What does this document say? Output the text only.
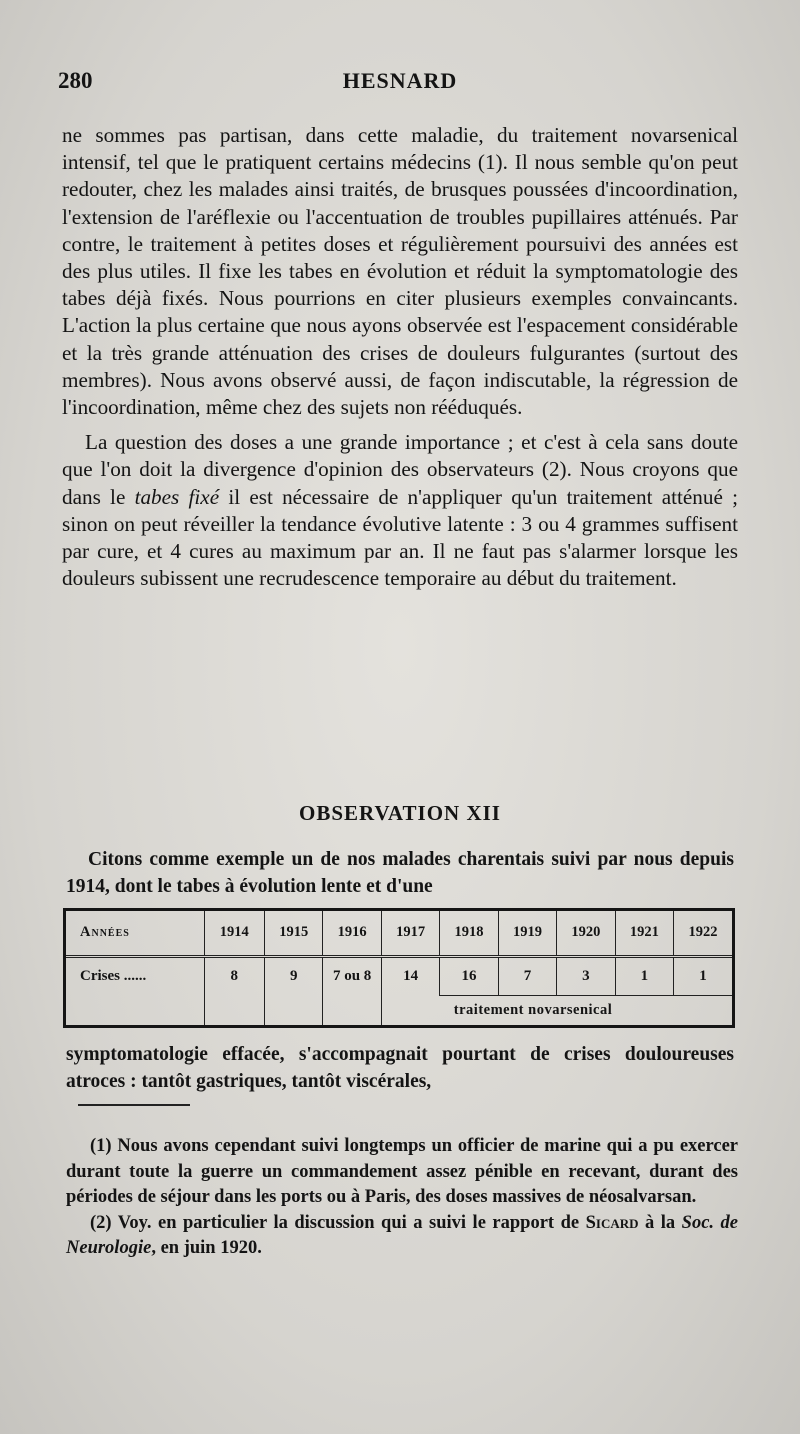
280	HESNARD

ne sommes pas partisan, dans cette maladie, du traitement novarsenical intensif, tel que le pratiquent certains médecins (1). Il nous semble qu'on peut redouter, chez les malades ainsi traités, de brusques poussées d'incoordination, l'extension de l'aréflexie ou l'accentuation de troubles pupillaires atténués. Par contre, le traitement à petites doses et régulièrement poursuivi des années est des plus utiles. Il fixe les tabes en évolution et réduit la symptomatologie des tabes déjà fixés. Nous pourrions en citer plusieurs exemples convaincants. L'action la plus certaine que nous ayons observée est l'espacement considérable et la très grande atténuation des crises de douleurs fulgurantes (surtout des membres). Nous avons observé aussi, de façon indiscutable, la régression de l'incoordination, même chez des sujets non rééduqués.

La question des doses a une grande importance ; et c'est à cela sans doute que l'on doit la divergence d'opinion des observateurs (2). Nous croyons que dans le tabes fixé il est nécessaire de n'appliquer qu'un traitement atténué ; sinon on peut réveiller la tendance évolutive latente : 3 ou 4 grammes suffisent par cure, et 4 cures au maximum par an. Il ne faut pas s'alarmer lorsque les douleurs subissent une recrudescence temporaire au début du traitement.

OBSERVATION XII

Citons comme exemple un de nos malades charentais suivi par nous depuis 1914, dont le tabes à évolution lente et d'une

Années	1914	1915	1916	1917	1918	1919	1920	1921	1922
Crises ......	8	9	7 ou 8	14	16	7	3	1	1
					traitement novarsenical				

symptomatologie effacée, s'accompagnait pourtant de crises douloureuses atroces : tantôt gastriques, tantôt viscérales,

(1) Nous avons cependant suivi longtemps un officier de marine qui a pu exercer durant toute la guerre un commandement assez pénible en recevant, durant des périodes de séjour dans les ports ou à Paris, des doses massives de néosalvarsan.

(2) Voy. en particulier la discussion qui a suivi le rapport de Sicard à la Soc. de Neurologie, en juin 1920.
